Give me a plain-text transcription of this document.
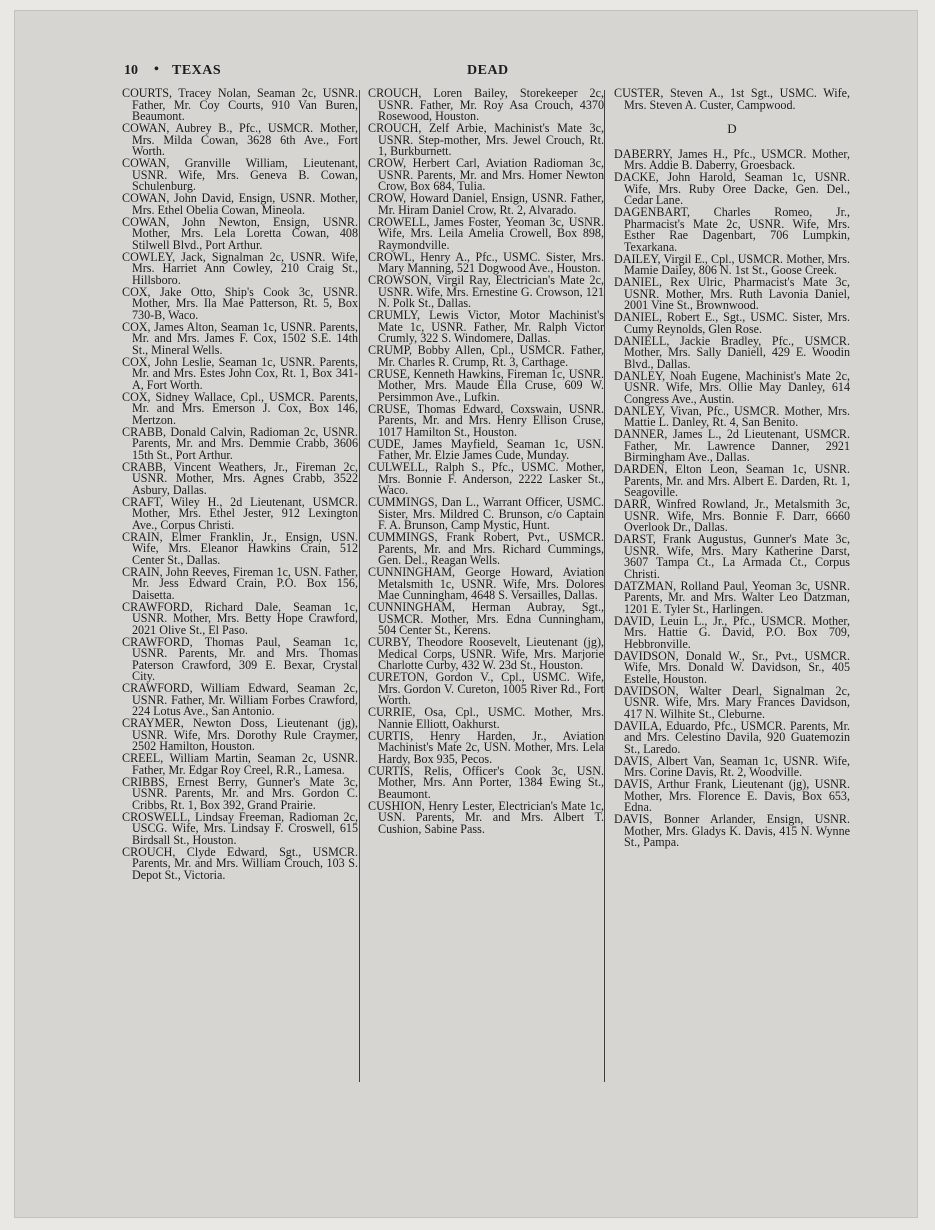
10 • TEXAS	DEAD

COURTS, Tracey Nolan, Seaman 2c, USNR. Father, Mr. Coy Courts, 910 Van Buren, Beaumont.

COWAN, Aubrey B., Pfc., USMCR. Mother, Mrs. Milda Cowan, 3628 6th Ave., Fort Worth.

COWAN, Granville William, Lieutenant, USNR. Wife, Mrs. Geneva B. Cowan, Schulenburg.

COWAN, John David, Ensign, USNR. Mother, Mrs. Ethel Obelia Cowan, Mineola.

COWAN, John Newton, Ensign, USNR. Mother, Mrs. Lela Loretta Cowan, 408 Stilwell Blvd., Port Arthur.

COWLEY, Jack, Signalman 2c, USNR. Wife, Mrs. Harriet Ann Cowley, 210 Craig St., Hillsboro.

COX, Jake Otto, Ship's Cook 3c, USNR. Mother, Mrs. Ila Mae Patterson, Rt. 5, Box 730-B, Waco.

COX, James Alton, Seaman 1c, USNR. Parents, Mr. and Mrs. James F. Cox, 1502 S.E. 14th St., Mineral Wells.

COX, John Leslie, Seaman 1c, USNR. Parents, Mr. and Mrs. Estes John Cox, Rt. 1, Box 341-A, Fort Worth.

COX, Sidney Wallace, Cpl., USMCR. Parents, Mr. and Mrs. Emerson J. Cox, Box 146, Mertzon.

CRABB, Donald Calvin, Radioman 2c, USNR. Parents, Mr. and Mrs. Demmie Crabb, 3606 15th St., Port Arthur.

CRABB, Vincent Weathers, Jr., Fireman 2c, USNR. Mother, Mrs. Agnes Crabb, 3522 Asbury, Dallas.

CRAFT, Wiley H., 2d Lieutenant, USMCR. Mother, Mrs. Ethel Jester, 912 Lexington Ave., Corpus Christi.

CRAIN, Elmer Franklin, Jr., Ensign, USN. Wife, Mrs. Eleanor Hawkins Crain, 512 Center St., Dallas.

CRAIN, John Reeves, Fireman 1c, USN. Father, Mr. Jess Edward Crain, P.O. Box 156, Daisetta.

CRAWFORD, Richard Dale, Seaman 1c, USNR. Mother, Mrs. Betty Hope Crawford, 2021 Olive St., El Paso.

CRAWFORD, Thomas Paul, Seaman 1c, USNR. Parents, Mr. and Mrs. Thomas Paterson Crawford, 309 E. Bexar, Crystal City.

CRAWFORD, William Edward, Seaman 2c, USNR. Father, Mr. William Forbes Crawford, 224 Lotus Ave., San Antonio.

CRAYMER, Newton Doss, Lieutenant (jg), USNR. Wife, Mrs. Dorothy Rule Craymer, 2502 Hamilton, Houston.

CREEL, William Martin, Seaman 2c, USNR. Father, Mr. Edgar Roy Creel, R.R., Lamesa.

CRIBBS, Ernest Berry, Gunner's Mate 3c, USNR. Parents, Mr. and Mrs. Gordon C. Cribbs, Rt. 1, Box 392, Grand Prairie.

CROSWELL, Lindsay Freeman, Radioman 2c, USCG. Wife, Mrs. Lindsay F. Croswell, 615 Birdsall St., Houston.

CROUCH, Clyde Edward, Sgt., USMCR. Parents, Mr. and Mrs. William Crouch, 103 S. Depot St., Victoria.

CROUCH, Loren Bailey, Storekeeper 2c, USNR. Father, Mr. Roy Asa Crouch, 4370 Rosewood, Houston.

CROUCH, Zelf Arbie, Machinist's Mate 3c, USNR. Step-mother, Mrs. Jewel Crouch, Rt. 1, Burkburnett.

CROW, Herbert Carl, Aviation Radioman 3c, USNR. Parents, Mr. and Mrs. Homer Newton Crow, Box 684, Tulia.

CROW, Howard Daniel, Ensign, USNR. Father, Mr. Hiram Daniel Crow, Rt. 2, Alvarado.

CROWELL, James Foster, Yeoman 3c, USNR. Wife, Mrs. Leila Amelia Crowell, Box 898, Raymondville.

CROWL, Henry A., Pfc., USMC. Sister, Mrs. Mary Manning, 521 Dogwood Ave., Houston.

CROWSON, Virgil Ray, Electrician's Mate 2c, USNR. Wife, Mrs. Ernestine G. Crowson, 121 N. Polk St., Dallas.

CRUMLY, Lewis Victor, Motor Machinist's Mate 1c, USNR. Father, Mr. Ralph Victor Crumly, 322 S. Windomere, Dallas.

CRUMP, Bobby Allen, Cpl., USMCR. Father, Mr. Charles R. Crump, Rt. 3, Carthage.

CRUSE, Kenneth Hawkins, Fireman 1c, USNR. Mother, Mrs. Maude Ella Cruse, 609 W. Persimmon Ave., Lufkin.

CRUSE, Thomas Edward, Coxswain, USNR. Parents, Mr. and Mrs. Henry Ellison Cruse, 1017 Hamilton St., Houston.

CUDE, James Mayfield, Seaman 1c, USN. Father, Mr. Elzie James Cude, Munday.

CULWELL, Ralph S., Pfc., USMC. Mother, Mrs. Bonnie F. Anderson, 2222 Lasker St., Waco.

CUMMINGS, Dan L., Warrant Officer, USMC. Sister, Mrs. Mildred C. Brunson, c/o Captain F. A. Brunson, Camp Mystic, Hunt.

CUMMINGS, Frank Robert, Pvt., USMCR. Parents, Mr. and Mrs. Richard Cummings, Gen. Del., Reagan Wells.

CUNNINGHAM, George Howard, Aviation Metalsmith 1c, USNR. Wife, Mrs. Dolores Mae Cunningham, 4648 S. Versailles, Dallas.

CUNNINGHAM, Herman Aubray, Sgt., USMCR. Mother, Mrs. Edna Cunningham, 504 Center St., Kerens.

CURBY, Theodore Roosevelt, Lieutenant (jg), Medical Corps, USNR. Wife, Mrs. Marjorie Charlotte Curby, 432 W. 23d St., Houston.

CURETON, Gordon V., Cpl., USMC. Wife, Mrs. Gordon V. Cureton, 1005 River Rd., Fort Worth.

CURRIE, Osa, Cpl., USMC. Mother, Mrs. Nannie Elliott, Oakhurst.

CURTIS, Henry Harden, Jr., Aviation Machinist's Mate 2c, USN. Mother, Mrs. Lela Hardy, Box 935, Pecos.

CURTIS, Relis, Officer's Cook 3c, USN. Mother, Mrs. Ann Porter, 1384 Ewing St., Beaumont.

CUSHION, Henry Lester, Electrician's Mate 1c, USN. Parents, Mr. and Mrs. Albert T. Cushion, Sabine Pass.

CUSTER, Steven A., 1st Sgt., USMC. Wife, Mrs. Steven A. Custer, Campwood.

D

DABERRY, James H., Pfc., USMCR. Mother, Mrs. Addie B. Daberry, Groesback.

DACKE, John Harold, Seaman 1c, USNR. Wife, Mrs. Ruby Oree Dacke, Gen. Del., Cedar Lane.

DAGENBART, Charles Romeo, Jr., Pharmacist's Mate 2c, USNR. Wife, Mrs. Esther Rae Dagenbart, 706 Lumpkin, Texarkana.

DAILEY, Virgil E., Cpl., USMCR. Mother, Mrs. Mamie Dailey, 806 N. 1st St., Goose Creek.

DANIEL, Rex Ulric, Pharmacist's Mate 3c, USNR. Mother, Mrs. Ruth Lavonia Daniel, 2001 Vine St., Brownwood.

DANIEL, Robert E., Sgt., USMC. Sister, Mrs. Cumy Reynolds, Glen Rose.

DANIELL, Jackie Bradley, Pfc., USMCR. Mother, Mrs. Sally Daniell, 429 E. Woodin Blvd., Dallas.

DANLEY, Noah Eugene, Machinist's Mate 2c, USNR. Wife, Mrs. Ollie May Danley, 614 Congress Ave., Austin.

DANLEY, Vivan, Pfc., USMCR. Mother, Mrs. Mattie L. Danley, Rt. 4, San Benito.

DANNER, James L., 2d Lieutenant, USMCR. Father, Mr. Lawrence Danner, 2921 Birmingham Ave., Dallas.

DARDEN, Elton Leon, Seaman 1c, USNR. Parents, Mr. and Mrs. Albert E. Darden, Rt. 1, Seagoville.

DARR, Winfred Rowland, Jr., Metalsmith 3c, USNR. Wife, Mrs. Bonnie F. Darr, 6660 Overlook Dr., Dallas.

DARST, Frank Augustus, Gunner's Mate 3c, USNR. Wife, Mrs. Mary Katherine Darst, 3607 Tampa Ct., La Armada Ct., Corpus Christi.

DATZMAN, Rolland Paul, Yeoman 3c, USNR. Parents, Mr. and Mrs. Walter Leo Datzman, 1201 E. Tyler St., Harlingen.

DAVID, Leuin L., Jr., Pfc., USMCR. Mother, Mrs. Hattie G. David, P.O. Box 709, Hebbronville.

DAVIDSON, Donald W., Sr., Pvt., USMCR. Wife, Mrs. Donald W. Davidson, Sr., 405 Estelle, Houston.

DAVIDSON, Walter Dearl, Signalman 2c, USNR. Wife, Mrs. Mary Frances Davidson, 417 N. Wilhite St., Cleburne.

DAVILA, Eduardo, Pfc., USMCR. Parents, Mr. and Mrs. Celestino Davila, 920 Guatemozin St., Laredo.

DAVIS, Albert Van, Seaman 1c, USNR. Wife, Mrs. Corine Davis, Rt. 2, Woodville.

DAVIS, Arthur Frank, Lieutenant (jg), USNR. Mother, Mrs. Florence E. Davis, Box 653, Edna.

DAVIS, Bonner Arlander, Ensign, USNR. Mother, Mrs. Gladys K. Davis, 415 N. Wynne St., Pampa.
